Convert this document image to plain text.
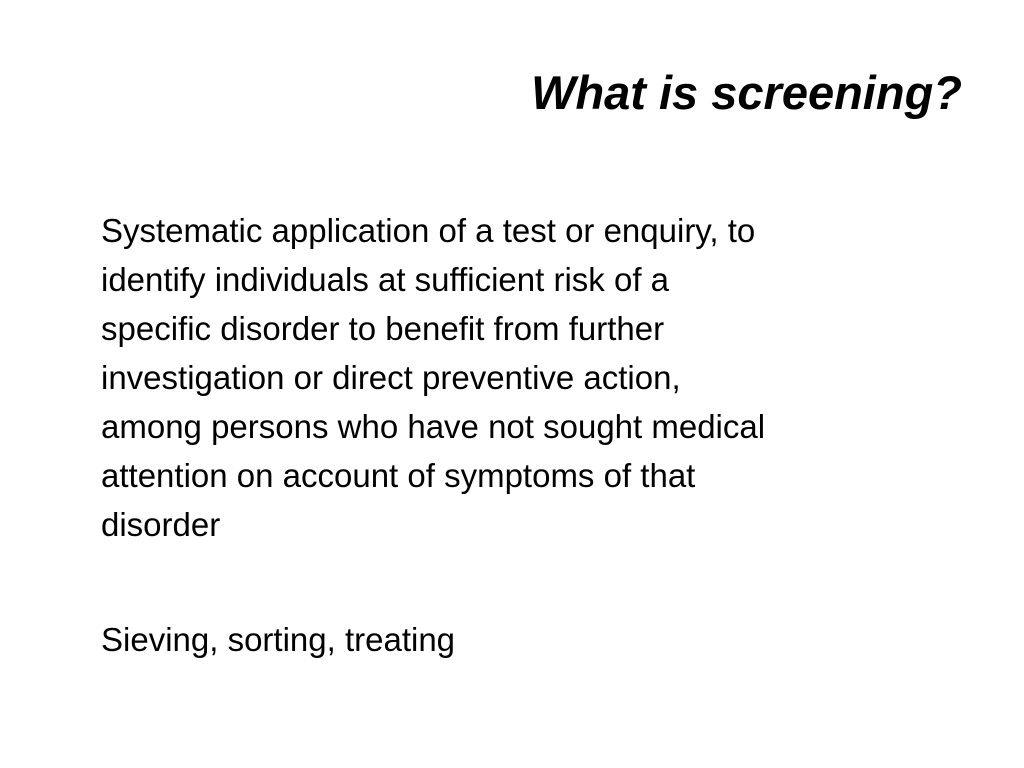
What is screening?

Systematic application of a test or enquiry, to
identify individuals at sufficient risk of a
specific disorder to benefit from further
investigation or direct preventive action,
among persons who have not sought medical
attention on account of symptoms of that
disorder

Sieving, sorting, treating
